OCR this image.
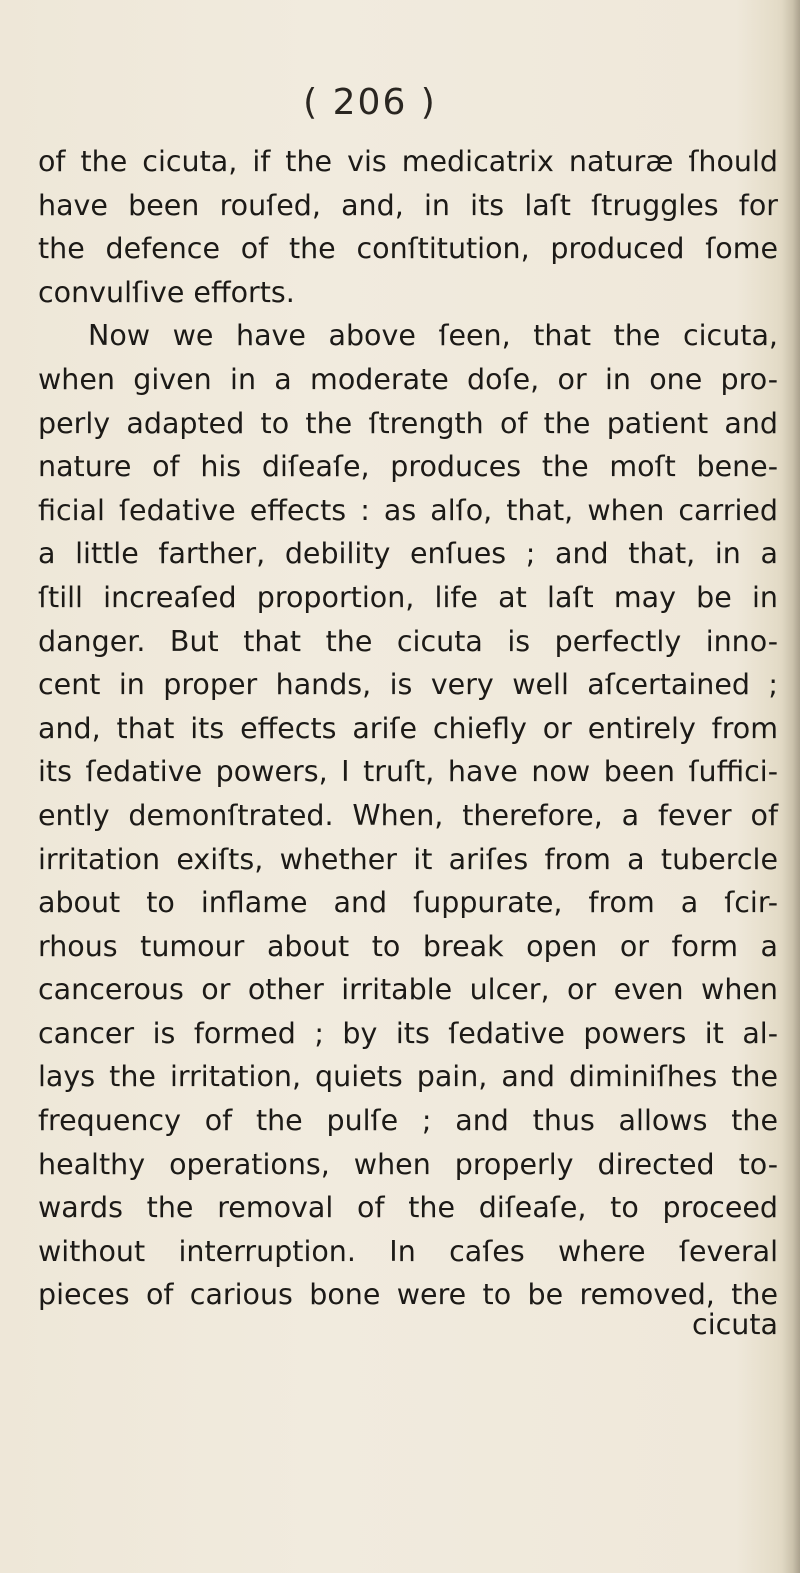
( 206 )
of the cicuta, if the vis medicatrix naturæ ſhould
have been rouſed, and, in its laſt ſtruggles for
the defence of the conſtitution, produced ſome
convulſive efforts.
Now we have above ſeen, that the cicuta,
when given in a moderate doſe, or in one pro-
perly adapted to the ſtrength of the patient and
nature of his diſeaſe, produces the moſt bene-
ficial ſedative effects : as alſo, that, when carried
a little farther, debility enſues ; and that, in a
ſtill increaſed proportion, life at laſt may be in
danger. But that the cicuta is perfectly inno-
cent in proper hands, is very well aſcertained ;
and, that its effects ariſe chiefly or entirely from
its ſedative powers, I truſt, have now been ſuffici-
ently demonſtrated. When, therefore, a fever of
irritation exiſts, whether it ariſes from a tubercle
about to inflame and ſuppurate, from a ſcir-
rhous tumour about to break open or form a
cancerous or other irritable ulcer, or even when
cancer is formed ; by its ſedative powers it al-
lays the irritation, quiets pain, and diminiſhes the
frequency of the pulſe ; and thus allows the
healthy operations, when properly directed to-
wards the removal of the diſeaſe, to proceed
without interruption. In caſes where ſeveral
pieces of carious bone were to be removed, the
cicuta
